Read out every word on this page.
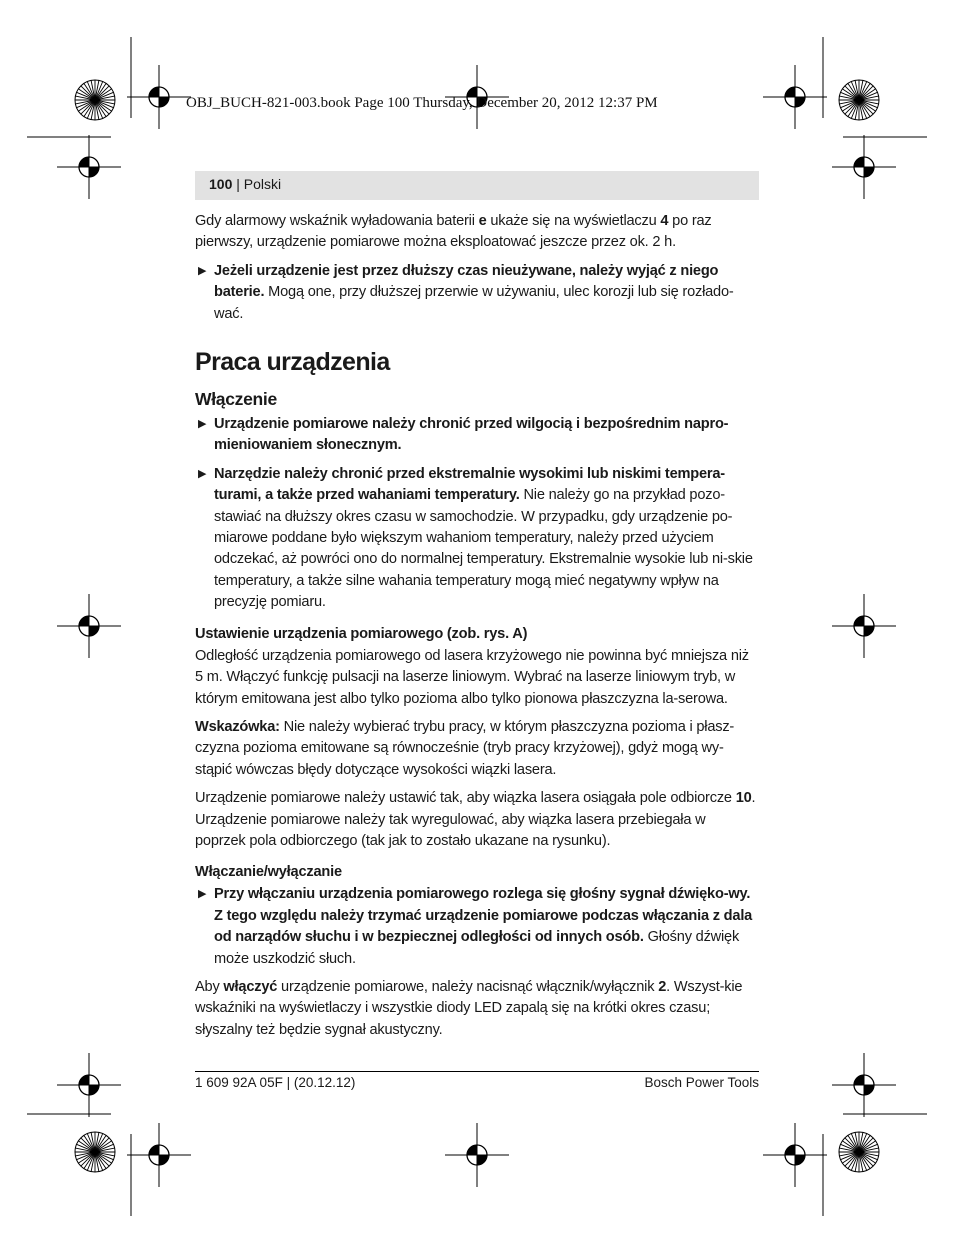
OBJ_BUCH-821-003.book Page 100 Thursday, December 20, 2012 12:37 PM
100 | Polski

Gdy alarmowy wskaźnik wyładowania baterii e ukaże się na wyświetlaczu 4 po raz pierwszy, urządzenie pomiarowe można eksploatować jeszcze przez ok. 2 h.

▶ Jeżeli urządzenie jest przez dłuższy czas nieużywane, należy wyjąć z niego baterie. Mogą one, przy dłuższej przerwie w używaniu, ulec korozji lub się rozłado-wać.
Praca urządzenia
Włączenie
▶ Urządzenie pomiarowe należy chronić przed wilgocią i bezpośrednim napro-mieniowaniem słonecznym.
▶ Narzędzie należy chronić przed ekstremalnie wysokimi lub niskimi tempera-turami, a także przed wahaniami temperatury. Nie należy go na przykład pozo-stawiać na dłuższy okres czasu w samochodzie. W przypadku, gdy urządzenie po-miarowe poddane było większym wahaniom temperatury, należy przed użyciem odczekać, aż powróci ono do normalnej temperatury. Ekstremalnie wysokie lub ni-skie temperatury, a także silne wahania temperatury mogą mieć negatywny wpływ na precyzję pomiaru.
Ustawienie urządzenia pomiarowego (zob. rys. A)

Odległość urządzenia pomiarowego od lasera krzyżowego nie powinna być mniejsza niż 5 m. Włączyć funkcję pulsacji na laserze liniowym. Wybrać na laserze liniowym tryb, w którym emitowana jest albo tylko pozioma albo tylko pionowa płaszczyzna la-serowa.

Wskazówka: Nie należy wybierać trybu pracy, w którym płaszczyzna pozioma i płasz-czyzna pozioma emitowane są równocześnie (tryb pracy krzyżowej), gdyż mogą wy-stąpić wówczas błędy dotyczące wysokości wiązki lasera.

Urządzenie pomiarowe należy ustawić tak, aby wiązka lasera osiągała pole odbiorcze 10. Urządzenie pomiarowe należy tak wyregulować, aby wiązka lasera przebiegała w poprzek pola odbiorczego (tak jak to zostało ukazane na rysunku).

Włączanie/wyłączanie
▶ Przy włączaniu urządzenia pomiarowego rozlega się głośny sygnał dźwięko-wy. Z tego względu należy trzymać urządzenie pomiarowe podczas włączania z dala od narządów słuchu i w bezpiecznej odległości od innych osób. Głośny dźwięk może uszkodzić słuch.

Aby włączyć urządzenie pomiarowe, należy nacisnąć włącznik/wyłącznik 2. Wszyst-kie wskaźniki na wyświetlaczy i wszystkie diody LED zapalą się na krótki okres czasu; słyszalny też będzie sygnał akustyczny.

1 609 92A 05F | (20.12.12)	Bosch Power Tools
